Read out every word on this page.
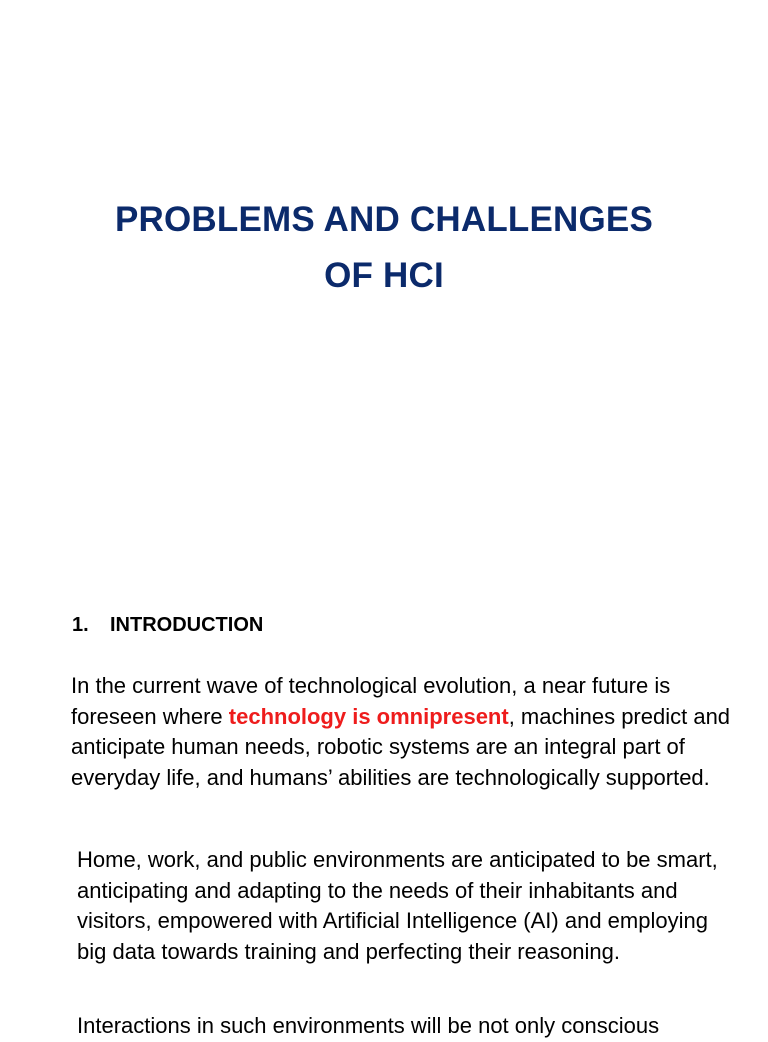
PROBLEMS AND CHALLENGES
OF HCI
1. INTRODUCTION

In the current wave of technological evolution, a near future is foreseen where technology is omnipresent, machines predict and anticipate human needs, robotic systems are an integral part of everyday life, and humans’ abilities are technologically supported.

Home, work, and public environments are anticipated to be smart, anticipating and adapting to the needs of their inhabitants and visitors, empowered with Artificial Intelligence (AI) and employing big data towards training and perfecting their reasoning.

Interactions in such environments will be not only conscious
